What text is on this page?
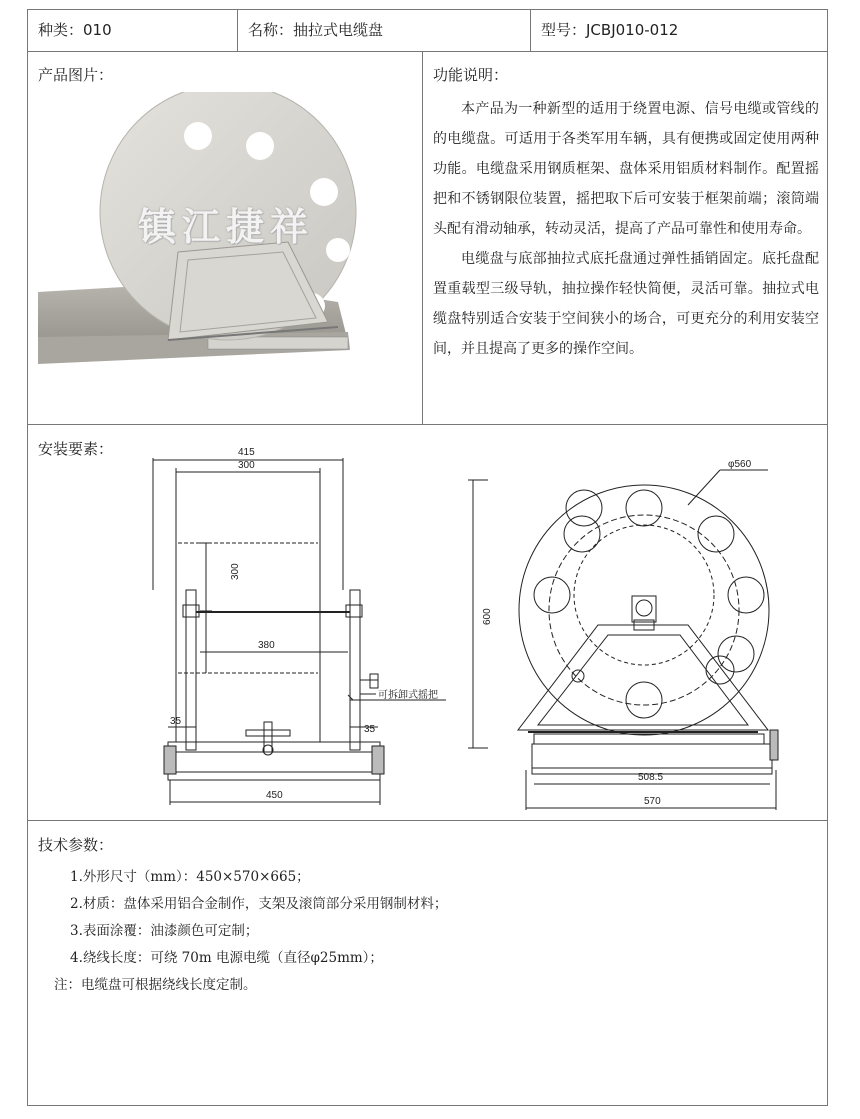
种类：010	名称：抽拉式电缆盘	型号：JCBJ010-012
产品图片：
镇江捷祥
功能说明：

本产品为一种新型的适用于绕置电源、信号电缆或管线的的电缆盘。可适用于各类军用车辆，具有便携或固定使用两种功能。电缆盘采用钢质框架、盘体采用铝质材料制作。配置摇把和不锈钢限位装置，摇把取下后可安装于框架前端；滚筒端头配有滑动轴承，转动灵活，提高了产品可靠性和使用寿命。

电缆盘与底部抽拉式底托盘通过弹性插销固定。底托盘配置重载型三级导轨，抽拉操作轻快简便，灵活可靠。抽拉式电缆盘特别适合安装于空间狭小的场合，可更充分的利用安装空间，并且提高了更多的操作空间。

安装要素：	415
300
300
380
可拆卸式摇把
35
35
450
φ560
600
508.5
570
技术参数：
1.外形尺寸（mm）：450×570×665；
2.材质：盘体采用铝合金制作，支架及滚筒部分采用钢制材料；
3.表面涂覆：油漆颜色可定制；
4.绕线长度：可绕 70m 电源电缆（直径φ25mm）；
注：电缆盘可根据绕线长度定制。
